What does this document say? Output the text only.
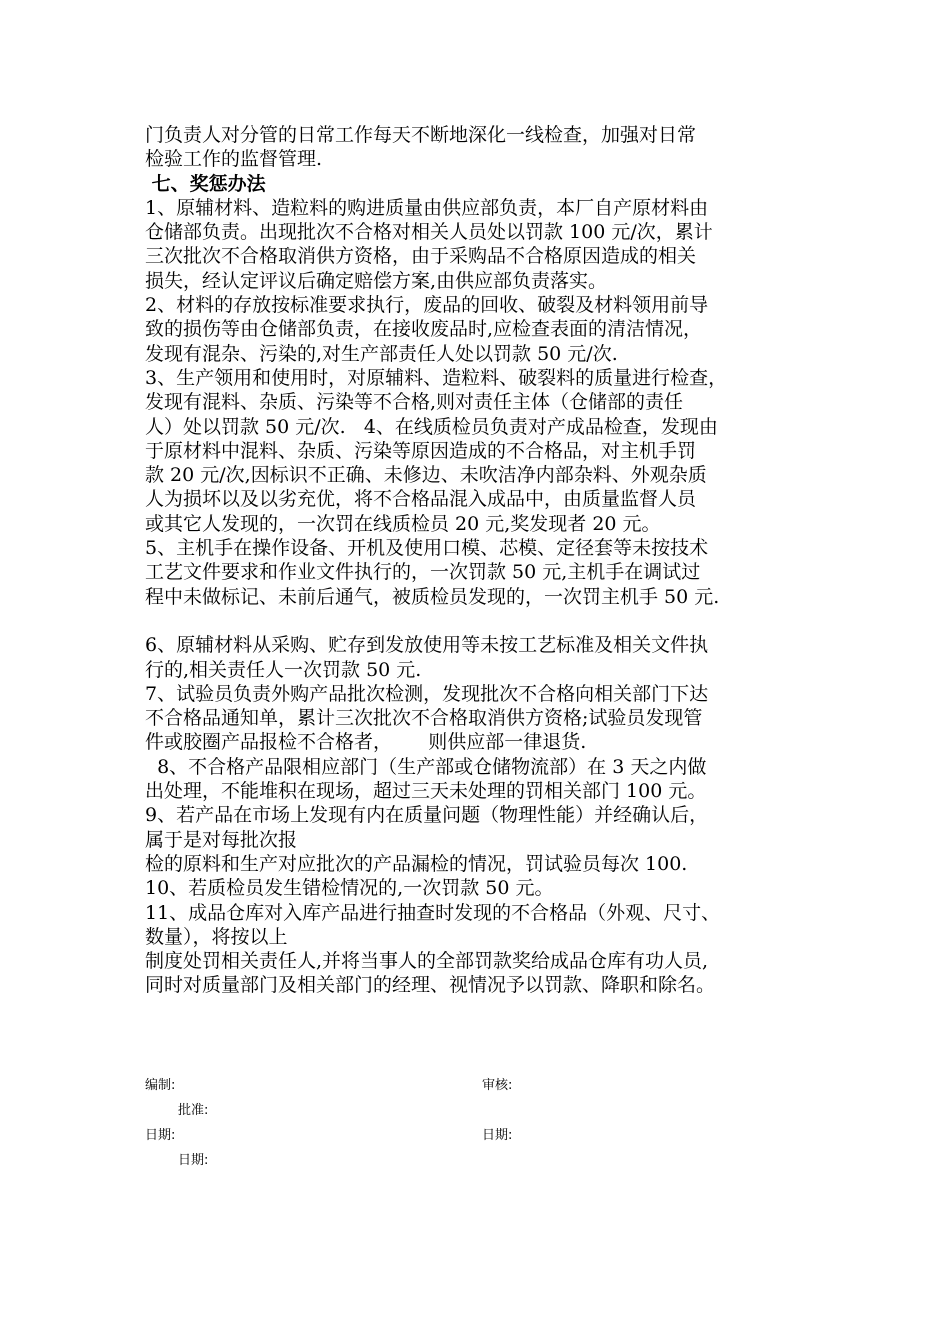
门负责人对分管的日常工作每天不断地深化一线检查，加强对日常
检验工作的监督管理.
七、奖惩办法
1、原辅材料、造粒料的购进质量由供应部负责，本厂自产原材料由
仓储部负责。出现批次不合格对相关人员处以罚款 100 元/次，累计
三次批次不合格取消供方资格，由于采购品不合格原因造成的相关
损失，经认定评议后确定赔偿方案,由供应部负责落实。
2、材料的存放按标准要求执行，废品的回收、破裂及材料领用前导
致的损伤等由仓储部负责，在接收废品时,应检查表面的清洁情况，
发现有混杂、污染的,对生产部责任人处以罚款 50 元/次.
3、生产领用和使用时，对原辅料、造粒料、破裂料的质量进行检查，
发现有混料、杂质、污染等不合格,则对责任主体（仓储部的责任
人）处以罚款 50 元/次.   4、在线质检员负责对产成品检查，发现由
于原材料中混料、杂质、污染等原因造成的不合格品，对主机手罚
款 20 元/次,因标识不正确、未修边、未吹洁净内部杂料、外观杂质
人为损坏以及以劣充优，将不合格品混入成品中，由质量监督人员
或其它人发现的，一次罚在线质检员 20 元,奖发现者 20 元。
5、主机手在操作设备、开机及使用口模、芯模、定径套等未按技术
工艺文件要求和作业文件执行的，一次罚款 50 元,主机手在调试过
程中未做标记、未前后通气，被质检员发现的，一次罚主机手 50 元.
6、原辅材料从采购、贮存到发放使用等未按工艺标准及相关文件执
行的,相关责任人一次罚款 50 元.
7、试验员负责外购产品批次检测，发现批次不合格向相关部门下达
不合格品通知单，累计三次批次不合格取消供方资格;试验员发现管
件或胶圈产品报检不合格者，      则供应部一律退货.
8、不合格产品限相应部门（生产部或仓储物流部）在 3 天之内做
出处理，不能堆积在现场，超过三天未处理的罚相关部门 100 元。
9、若产品在市场上发现有内在质量问题（物理性能）并经确认后，
属于是对每批次报
检的原料和生产对应批次的产品漏检的情况，罚试验员每次 100.
10、若质检员发生错检情况的,一次罚款 50 元。
11、成品仓库对入库产品进行抽查时发现的不合格品（外观、尺寸、
数量），将按以上
制度处罚相关责任人,并将当事人的全部罚款奖给成品仓库有功人员,
同时对质量部门及相关部门的经理、视情况予以罚款、降职和除名。
编制:	审核:
批准:
日期:	日期:
日期:
